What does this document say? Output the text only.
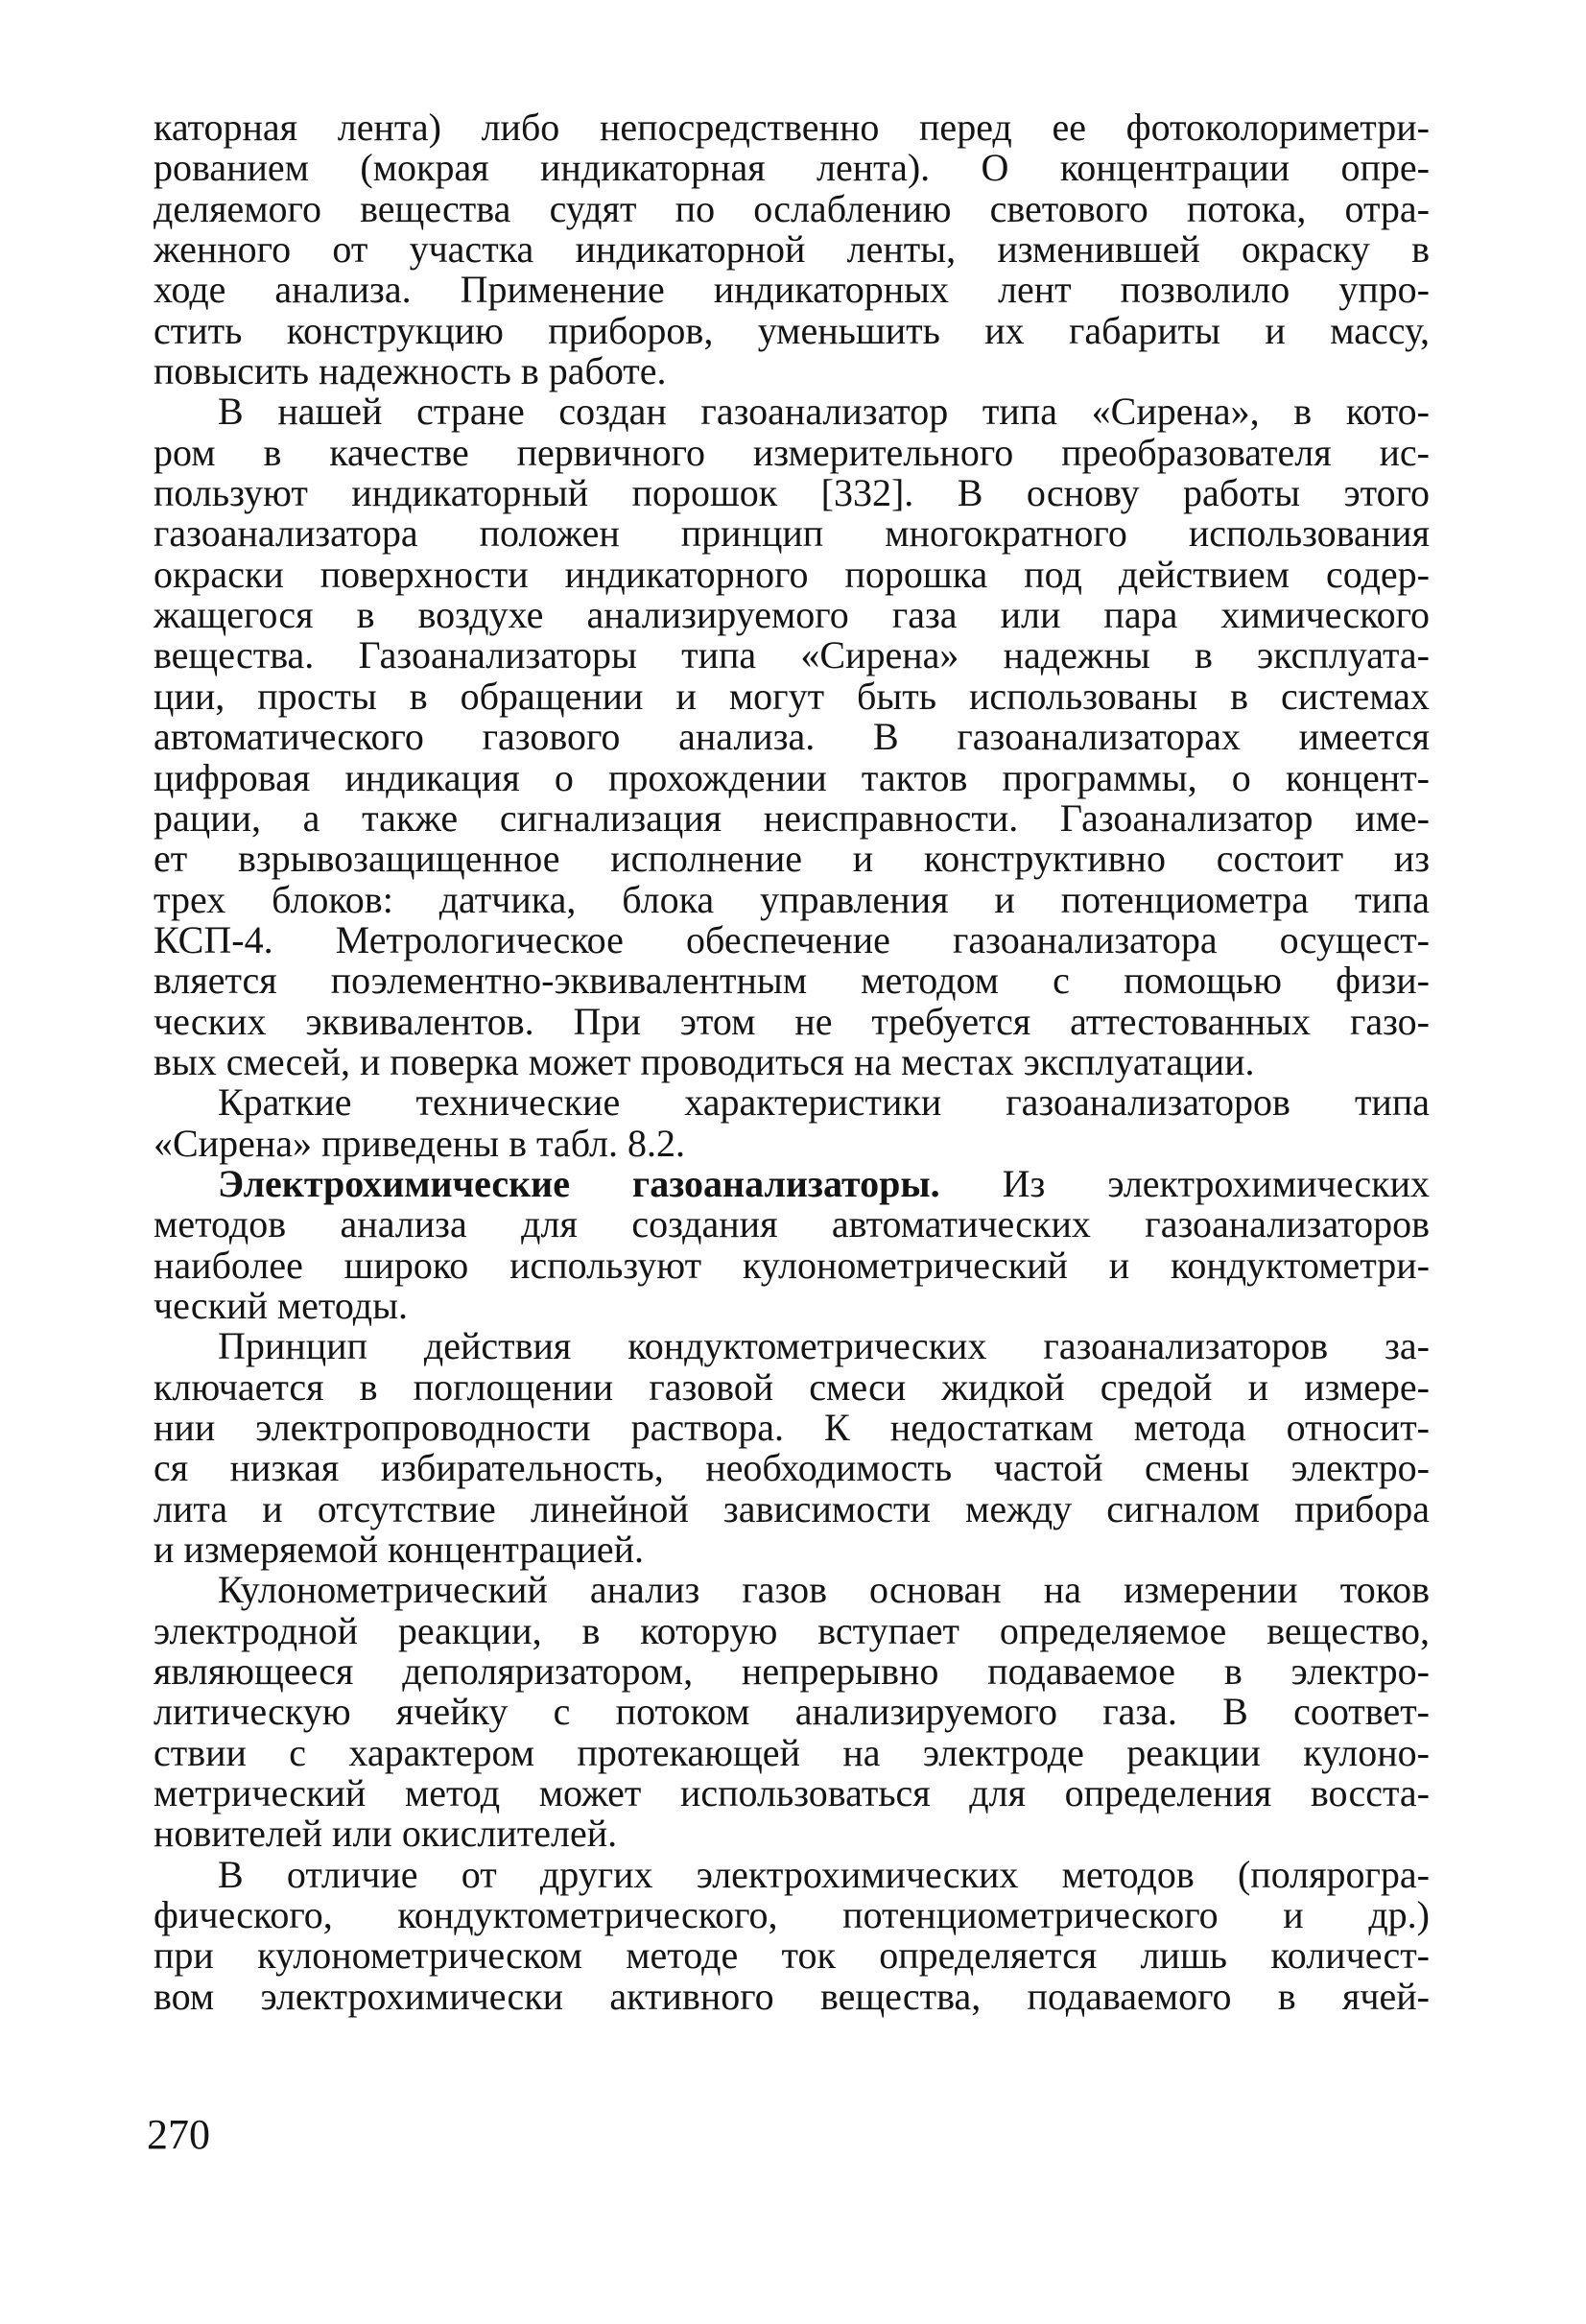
каторная лента) либо непосредственно перед ее фотоколориметри-
рованием (мокрая индикаторная лента). О концентрации опре-
деляемого вещества судят по ослаблению светового потока, отра-
женного от участка индикаторной ленты, изменившей окраску в
ходе анализа. Применение индикаторных лент позволило упро-
стить конструкцию приборов, уменьшить их габариты и массу,
повысить надежность в работе.
В нашей стране создан газоанализатор типа «Сирена», в кото-
ром в качестве первичного измерительного преобразователя ис-
пользуют индикаторный порошок [332]. В основу работы этого
газоанализатора положен принцип многократного использования
окраски поверхности индикаторного порошка под действием содер-
жащегося в воздухе анализируемого газа или пара химического
вещества. Газоанализаторы типа «Сирена» надежны в эксплуата-
ции, просты в обращении и могут быть использованы в системах
автоматического газового анализа. В газоанализаторах имеется
цифровая индикация о прохождении тактов программы, о концент-
рации, а также сигнализация неисправности. Газоанализатор име-
ет взрывозащищенное исполнение и конструктивно состоит из
трех блоков: датчика, блока управления и потенциометра типа
КСП-4. Метрологическое обеспечение газоанализатора осущест-
вляется поэлементно-эквивалентным методом с помощью физи-
ческих эквивалентов. При этом не требуется аттестованных газо-
вых смесей, и поверка может проводиться на местах эксплуатации.
Краткие технические характеристики газоанализаторов типа
«Сирена» приведены в табл. 8.2.
Электрохимические газоанализаторы. Из электрохимических
методов анализа для создания автоматических газоанализаторов
наиболее широко используют кулонометрический и кондуктометри-
ческий методы.
Принцип действия кондуктометрических газоанализаторов за-
ключается в поглощении газовой смеси жидкой средой и измере-
нии электропроводности раствора. К недостаткам метода относит-
ся низкая избирательность, необходимость частой смены электро-
лита и отсутствие линейной зависимости между сигналом прибора
и измеряемой концентрацией.
Кулонометрический анализ газов основан на измерении токов
электродной реакции, в которую вступает определяемое вещество,
являющееся деполяризатором, непрерывно подаваемое в электро-
литическую ячейку с потоком анализируемого газа. В соответ-
ствии с характером протекающей на электроде реакции кулоно-
метрический метод может использоваться для определения восста-
новителей или окислителей.
В отличие от других электрохимических методов (полярогра-
фического, кондуктометрического, потенциометрического и др.)
при кулонометрическом методе ток определяется лишь количест-
вом электрохимически активного вещества, подаваемого в ячей-
270
